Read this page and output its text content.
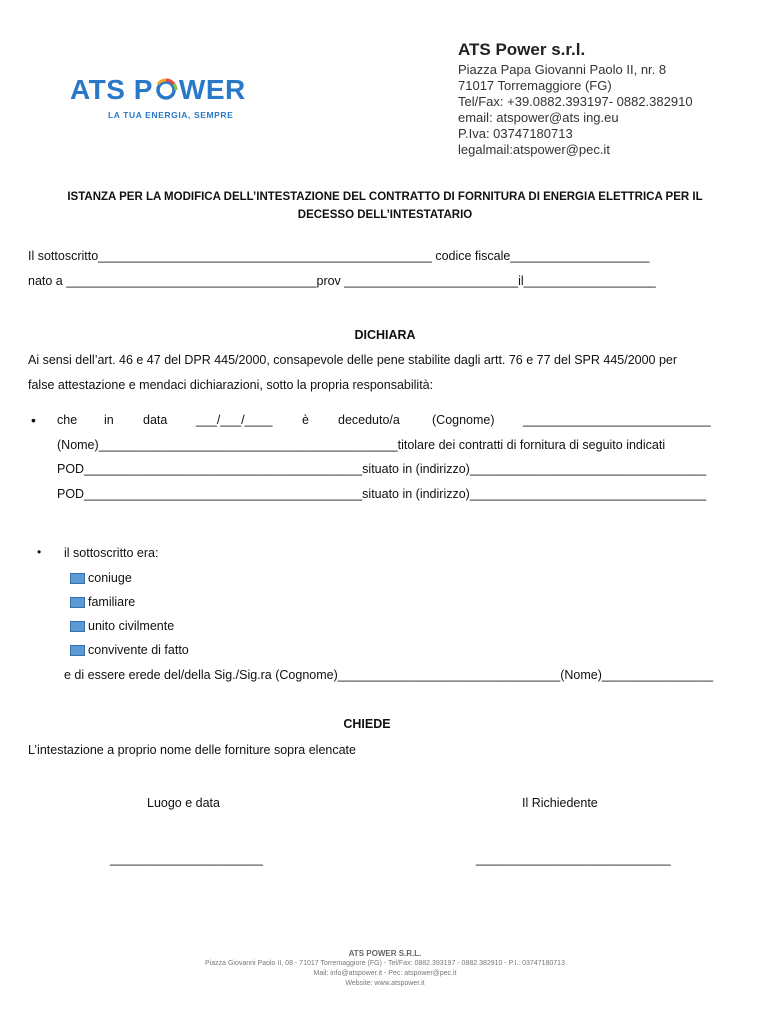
ATS P WER
LA TUA ENERGIA, SEMPRE
ATS Power s.r.l.
Piazza Papa Giovanni Paolo II, nr. 8
71017 Torremaggiore (FG)
Tel/Fax: +39.0882.393197- 0882.382910
email: atspower@ats ing.eu
P.Iva: 03747180713
legalmail:atspower@pec.it
ISTANZA PER LA MODIFICA DELL’INTESTAZIONE DEL CONTRATTO DI FORNITURA DI ENERGIA ELETTRICA PER IL
DECESSO DELL’INTESTATARIO
Il sottoscritto________________________________________________ codice fiscale____________________
nato a ____________________________________prov _________________________il___________________
DICHIARA
Ai sensi dell’art. 46 e 47 del DPR 445/2000, consapevole delle pene stabilite dagli artt. 76 e 77 del SPR 445/2000 per
false attestazione e mendaci dichiarazioni, sotto la propria responsabilità:
• che in data ___/___/____ è deceduto/a	(Cognome) ___________________________
(Nome)___________________________________________titolare dei contratti di fornitura di seguito indicati
POD________________________________________situato in (indirizzo)__________________________________
POD________________________________________situato in (indirizzo)__________________________________
• il sottoscritto era:
coniuge
familiare
unito civilmente
convivente di fatto
e di essere erede del/della Sig./Sig.ra (Cognome)________________________________(Nome)________________
CHIEDE
L’intestazione a proprio nome delle forniture sopra elencate
Luogo e data	Il Richiedente
______________________	____________________________
ATS POWER S.R.L.
Piazza Giovanni Paolo II, 08 - 71017 Torremaggiore (FG) - Tel/Fax: 0882.393197 - 0882.382910 - P.I.: 03747180713
Mail: info@atspower.it - Pec: atspower@pec.it
Website: www.atspower.it
